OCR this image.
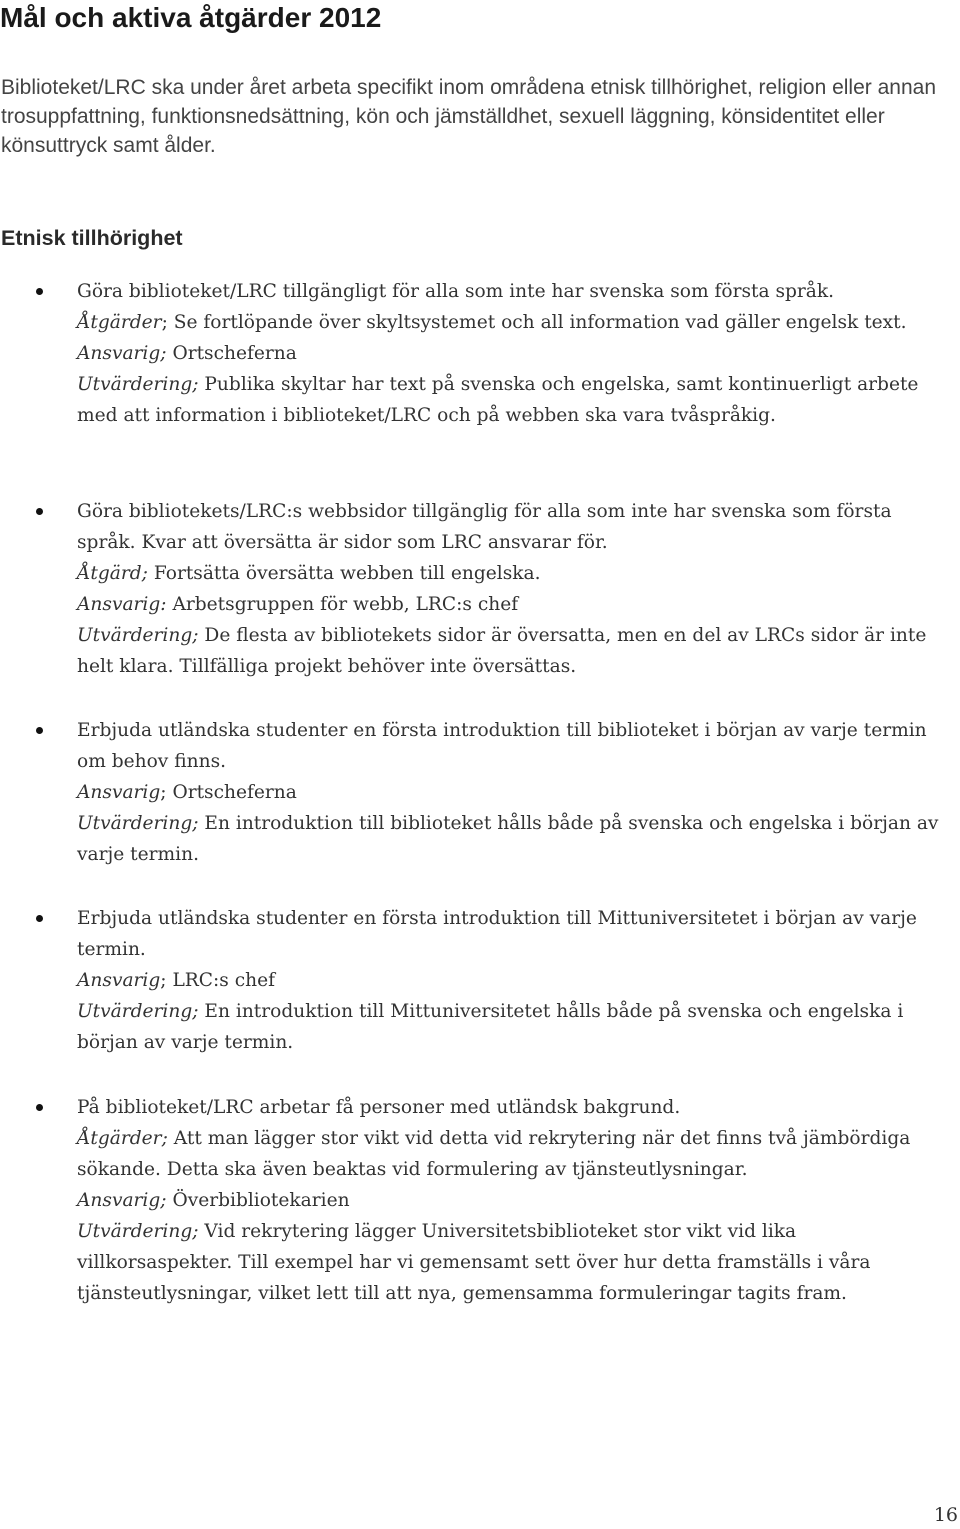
Mål och aktiva åtgärder 2012

Biblioteket/LRC ska under året arbeta specifikt inom områdena etnisk tillhörighet, religion eller annan trosuppfattning, funktionsnedsättning, kön och jämställdhet, sexuell läggning, könsidentitet eller könsuttryck samt ålder.

Etnisk tillhörighet

Göra biblioteket/LRC tillgängligt för alla som inte har svenska som första språk.

Åtgärder; Se fortlöpande över skyltsystemet och all information vad gäller engelsk text.

Ansvarig; Ortscheferna

Utvärdering; Publika skyltar har text på svenska och engelska, samt kontinuerligt arbete med att information i biblioteket/LRC och på webben ska vara tvåspråkig.

Göra bibliotekets/LRC:s webbsidor tillgänglig för alla som inte har svenska som första språk. Kvar att översätta är sidor som LRC ansvarar för.

Åtgärd; Fortsätta översätta webben till engelska.

Ansvarig: Arbetsgruppen för webb, LRC:s chef

Utvärdering; De flesta av bibliotekets sidor är översatta, men en del av LRCs sidor är inte helt klara. Tillfälliga projekt behöver inte översättas.

Erbjuda utländska studenter en första introduktion till biblioteket i början av varje termin om behov finns.

Ansvarig; Ortscheferna

Utvärdering; En introduktion till biblioteket hålls både på svenska och engelska i början av varje termin.

Erbjuda utländska studenter en första introduktion till Mittuniversitetet i början av varje termin.

Ansvarig; LRC:s chef

Utvärdering; En introduktion till Mittuniversitetet hålls både på svenska och engelska i början av varje termin.

På biblioteket/LRC arbetar få personer med utländsk bakgrund.

Åtgärder; Att man lägger stor vikt vid detta vid rekrytering när det finns två jämbördiga sökande. Detta ska även beaktas vid formulering av tjänsteutlysningar.

Ansvarig; Överbibliotekarien

Utvärdering; Vid rekrytering lägger Universitetsbiblioteket stor vikt vid lika villkorsaspekter. Till exempel har vi gemensamt sett över hur detta framställs i våra tjänsteutlysningar, vilket lett till att nya, gemensamma formuleringar tagits fram.

16
